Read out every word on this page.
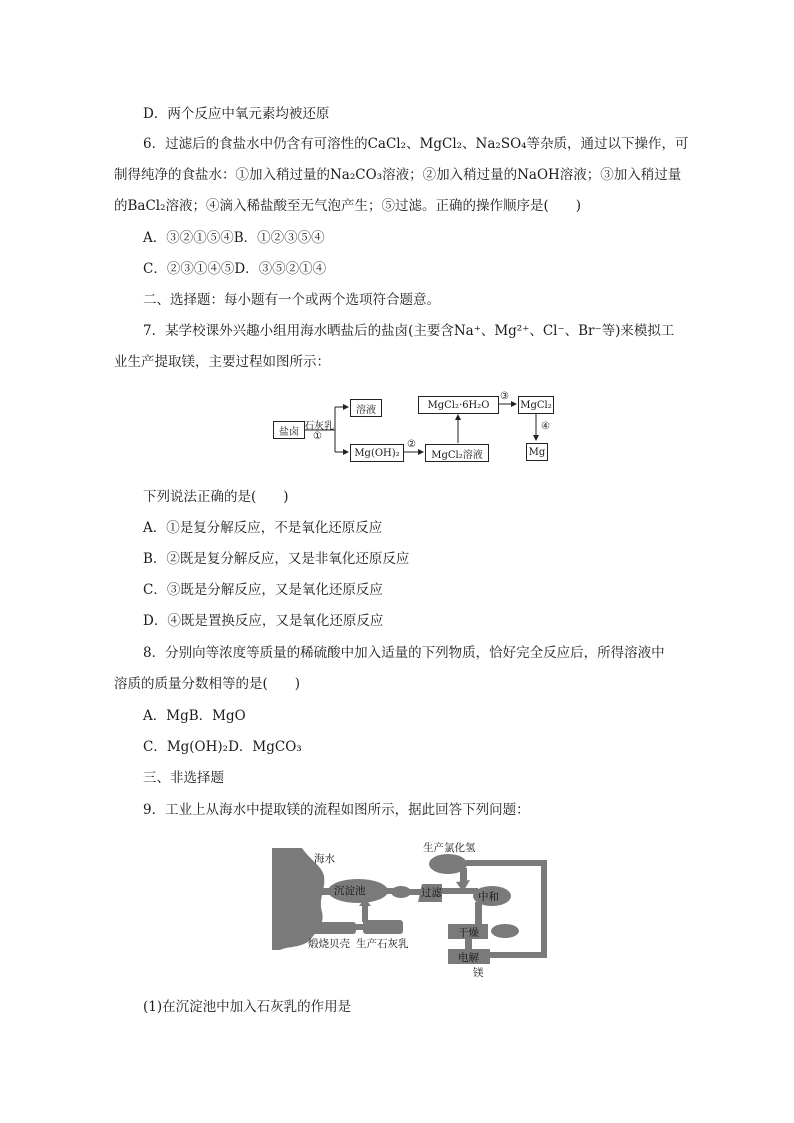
D．两个反应中氧元素均被还原
6．过滤后的食盐水中仍含有可溶性的CaCl₂、MgCl₂、Na₂SO₄等杂质，通过以下操作，可
制得纯净的食盐水：①加入稍过量的Na₂CO₃溶液；②加入稍过量的NaOH溶液；③加入稍过量
的BaCl₂溶液；④滴入稀盐酸至无气泡产生；⑤过滤。正确的操作顺序是(　　)
A．③②①⑤④B．①②③⑤④
C．②③①④⑤D．③⑤②①④
二、选择题：每小题有一个或两个选项符合题意。
7．某学校课外兴趣小组用海水晒盐后的盐卤(主要含Na⁺、Mg²⁺、Cl⁻、Br⁻等)来模拟工
业生产提取镁，主要过程如图所示：
盐卤 石灰乳
①
溶液
Mg(OH)₂
②
MgCl₂溶液
MgCl₂·6H₂O
③
MgCl₂
④
Mg
下列说法正确的是(　　)
A．①是复分解反应，不是氧化还原反应
B．②既是复分解反应，又是非氧化还原反应
C．③既是分解反应，又是氧化还原反应
D．④既是置换反应，又是氧化还原反应
8．分别向等浓度等质量的稀硫酸中加入适量的下列物质，恰好完全反应后，所得溶液中
溶质的质量分数相等的是(　　)
A．MgB．MgO
C．Mg(OH)₂D．MgCO₃
三、非选择题
9．工业上从海水中提取镁的流程如图所示，据此回答下列问题：
海水
沉淀池	过滤
生产氯化氢
中和
干燥
电解
镁
煅烧贝壳 生产石灰乳
(1)在沉淀池中加入石灰乳的作用是
